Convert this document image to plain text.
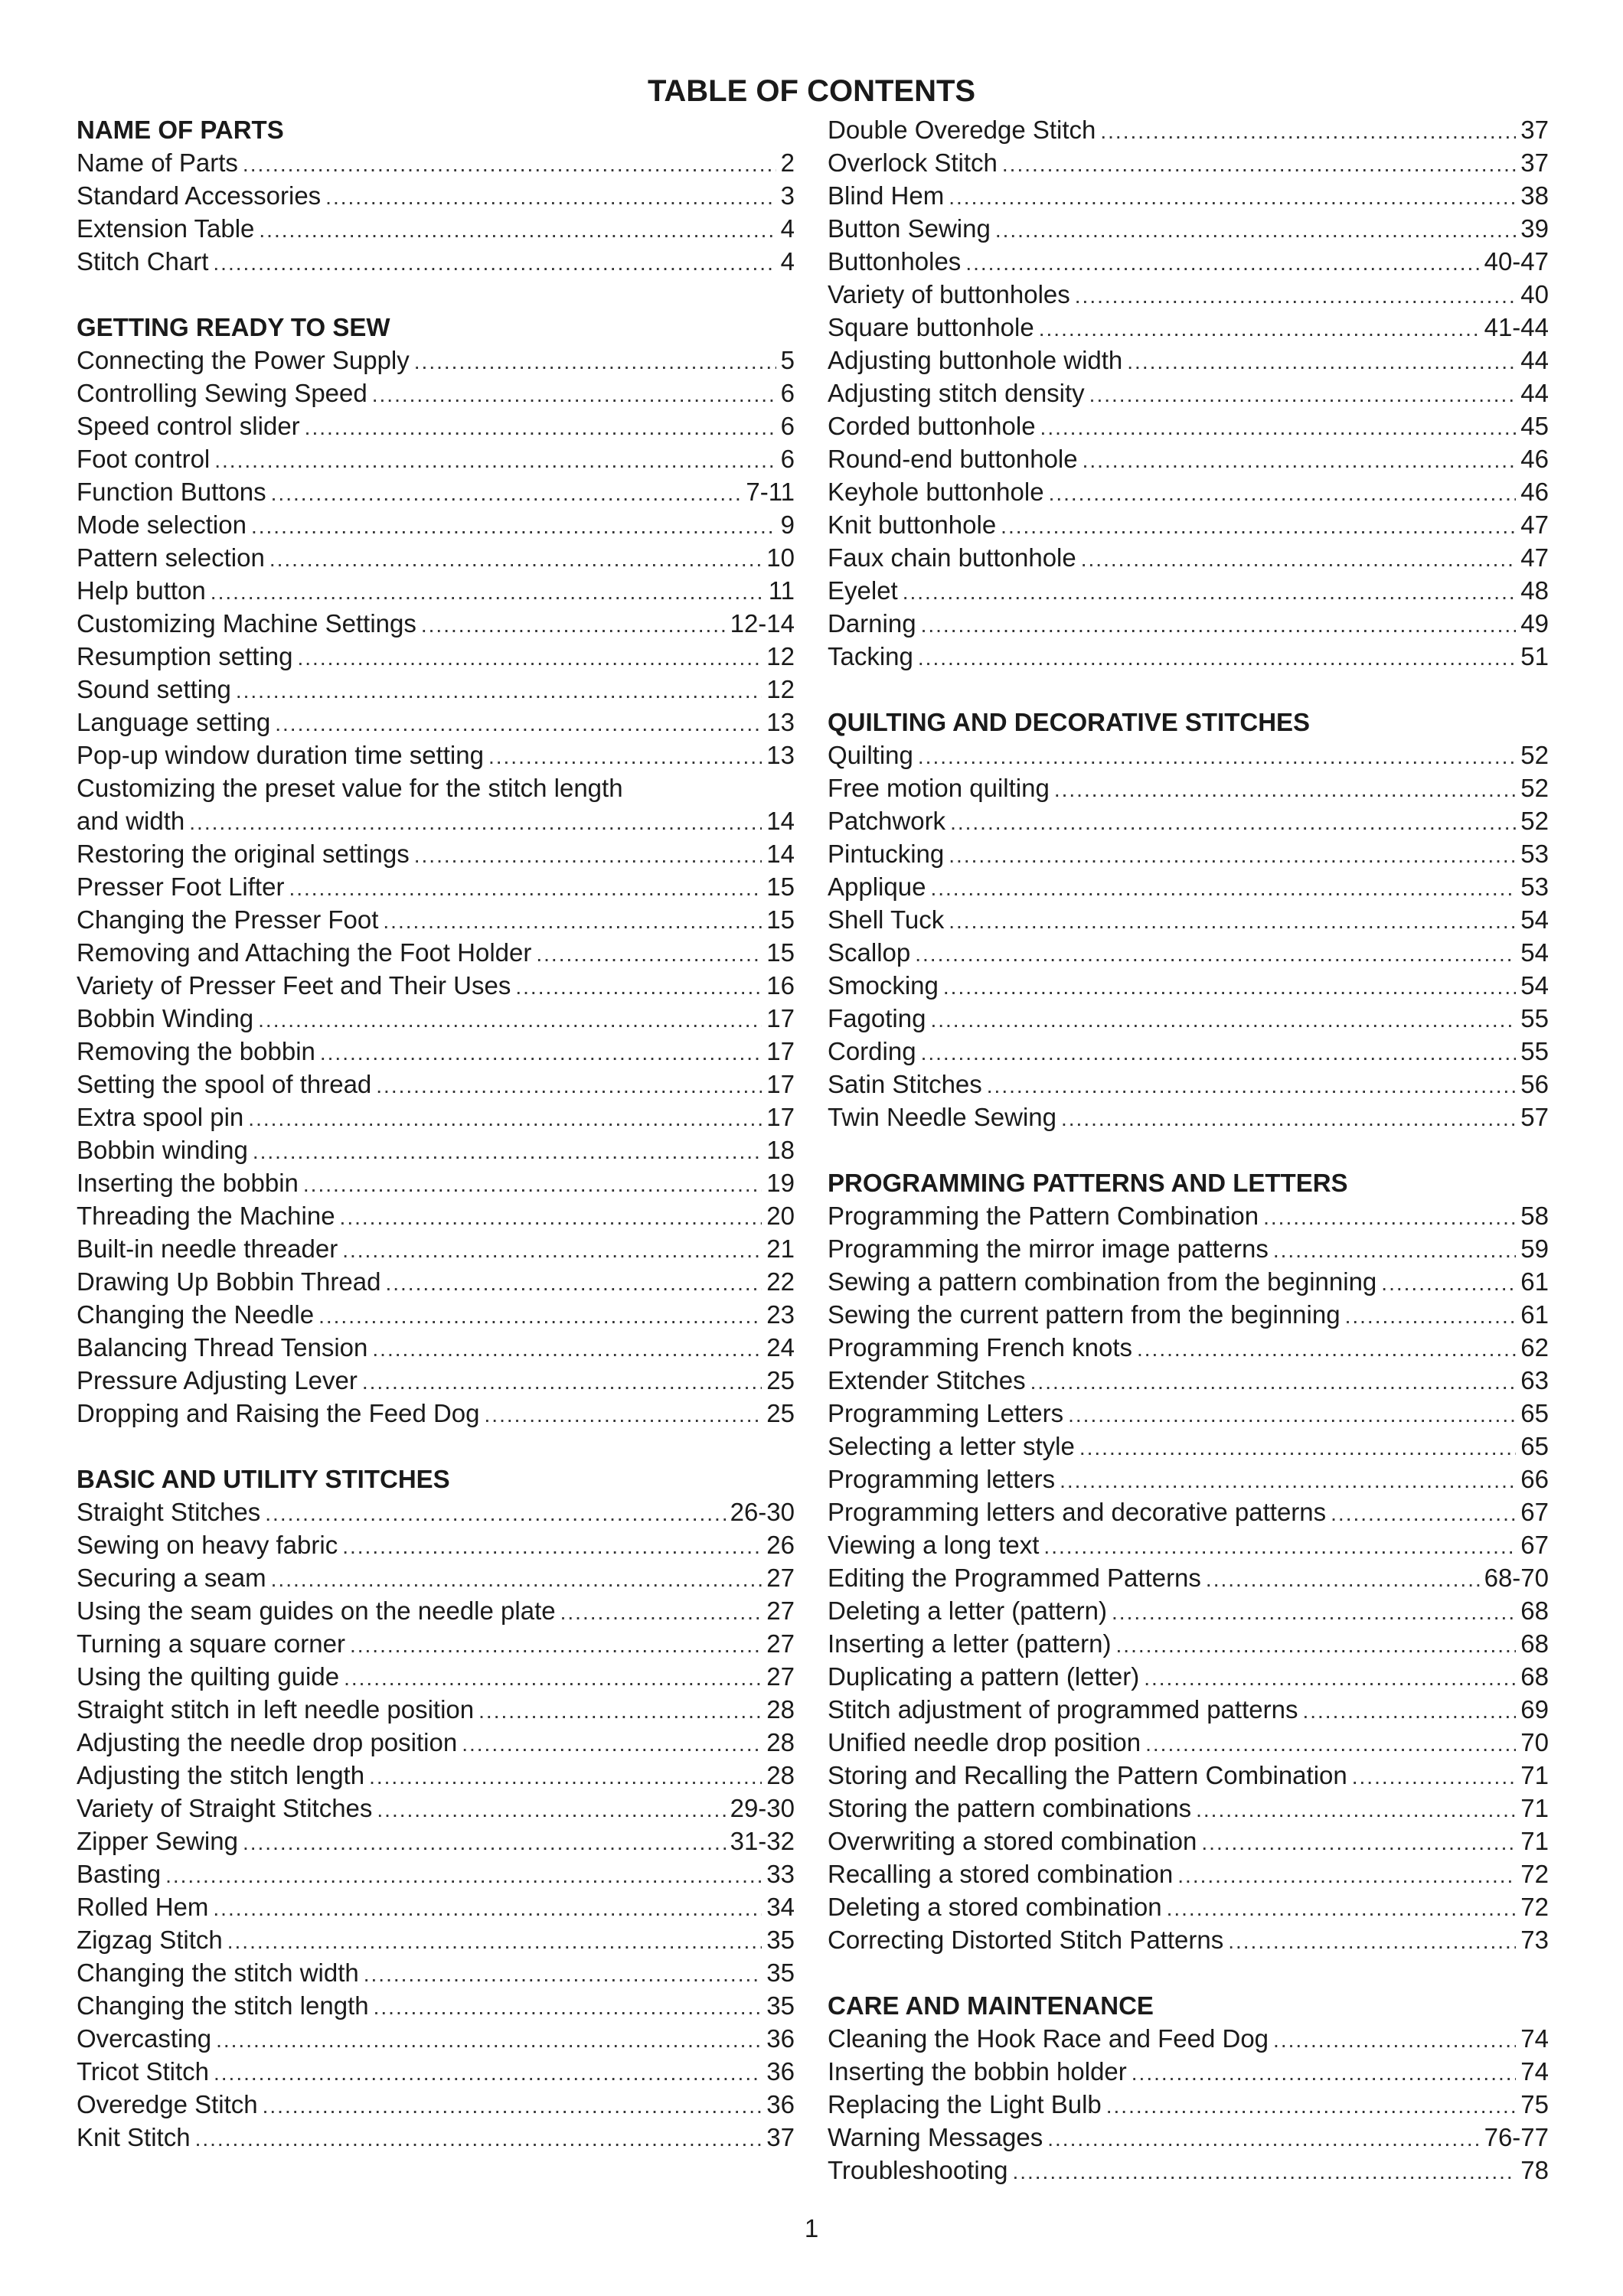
TABLE OF CONTENTS
NAME OF PARTS
Name of Parts .....	2
Standard Accessories .....	3
Extension Table .....	4
Stitch Chart .....	4
GETTING READY TO SEW
Connecting the Power Supply .....	5
Controlling Sewing Speed .....	6
Speed control slider .....	6
Foot control .....	6
Function Buttons .....	7-11
Mode selection .....	9
Pattern selection .....	10
Help button .....	11
Customizing Machine Settings .....	12-14
Resumption setting .....	12
Sound setting .....	12
Language setting .....	13
Pop-up window duration time setting .....	13
Customizing the preset value for the stitch length
and width .....	14
Restoring the original settings .....	14
Presser Foot Lifter .....	15
Changing the Presser Foot .....	15
Removing and Attaching the Foot Holder .....	15
Variety of Presser Feet and Their Uses .....	16
Bobbin Winding .....	17
Removing the bobbin .....	17
Setting the spool of thread .....	17
Extra spool pin .....	17
Bobbin winding .....	18
Inserting the bobbin .....	19
Threading the Machine .....	20
Built-in needle threader .....	21
Drawing Up Bobbin Thread .....	22
Changing the Needle .....	23
Balancing Thread Tension .....	24
Pressure Adjusting Lever .....	25
Dropping and Raising the Feed Dog .....	25
BASIC AND UTILITY STITCHES
Straight Stitches .....	26-30
Sewing on heavy fabric .....	26
Securing a seam .....	27
Using the seam guides on the needle plate .....	27
Turning a square corner .....	27
Using the quilting guide .....	27
Straight stitch in left needle position .....	28
Adjusting the needle drop position .....	28
Adjusting the stitch length .....	28
Variety of Straight Stitches .....	29-30
Zipper Sewing .....	31-32
Basting .....	33
Rolled Hem .....	34
Zigzag Stitch .....	35
Changing the stitch width .....	35
Changing the stitch length .....	35
Overcasting .....	36
Tricot Stitch .....	36
Overedge Stitch .....	36
Knit Stitch .....	37
Double Overedge Stitch .....	37
Overlock Stitch .....	37
Blind Hem .....	38
Button Sewing .....	39
Buttonholes .....	40-47
Variety of buttonholes .....	40
Square buttonhole .....	41-44
Adjusting buttonhole width .....	44
Adjusting stitch density .....	44
Corded buttonhole .....	45
Round-end buttonhole .....	46
Keyhole buttonhole .....	46
Knit buttonhole .....	47
Faux chain buttonhole .....	47
Eyelet .....	48
Darning .....	49
Tacking .....	51
QUILTING AND DECORATIVE STITCHES
Quilting .....	52
Free motion quilting .....	52
Patchwork .....	52
Pintucking .....	53
Applique .....	53
Shell Tuck .....	54
Scallop .....	54
Smocking .....	54
Fagoting .....	55
Cording .....	55
Satin Stitches .....	56
Twin Needle Sewing .....	57
PROGRAMMING PATTERNS AND LETTERS
Programming the Pattern Combination .....	58
Programming the mirror image patterns .....	59
Sewing a pattern combination from the beginning .....	61
Sewing the current pattern from the beginning .....	61
Programming French knots .....	62
Extender Stitches .....	63
Programming Letters .....	65
Selecting a letter style .....	65
Programming letters .....	66
Programming letters and decorative patterns .....	67
Viewing a long text .....	67
Editing the Programmed Patterns .....	68-70
Deleting a letter (pattern) .....	68
Inserting a letter (pattern) .....	68
Duplicating a pattern (letter) .....	68
Stitch adjustment of programmed patterns .....	69
Unified needle drop position .....	70
Storing and Recalling the Pattern Combination .....	71
Storing the pattern combinations .....	71
Overwriting a stored combination .....	71
Recalling a stored combination .....	72
Deleting a stored combination .....	72
Correcting Distorted Stitch Patterns .....	73
CARE AND MAINTENANCE
Cleaning the Hook Race and Feed Dog .....	74
Inserting the bobbin holder .....	74
Replacing the Light Bulb .....	75
Warning Messages .....	76-77
Troubleshooting .....	78
1
